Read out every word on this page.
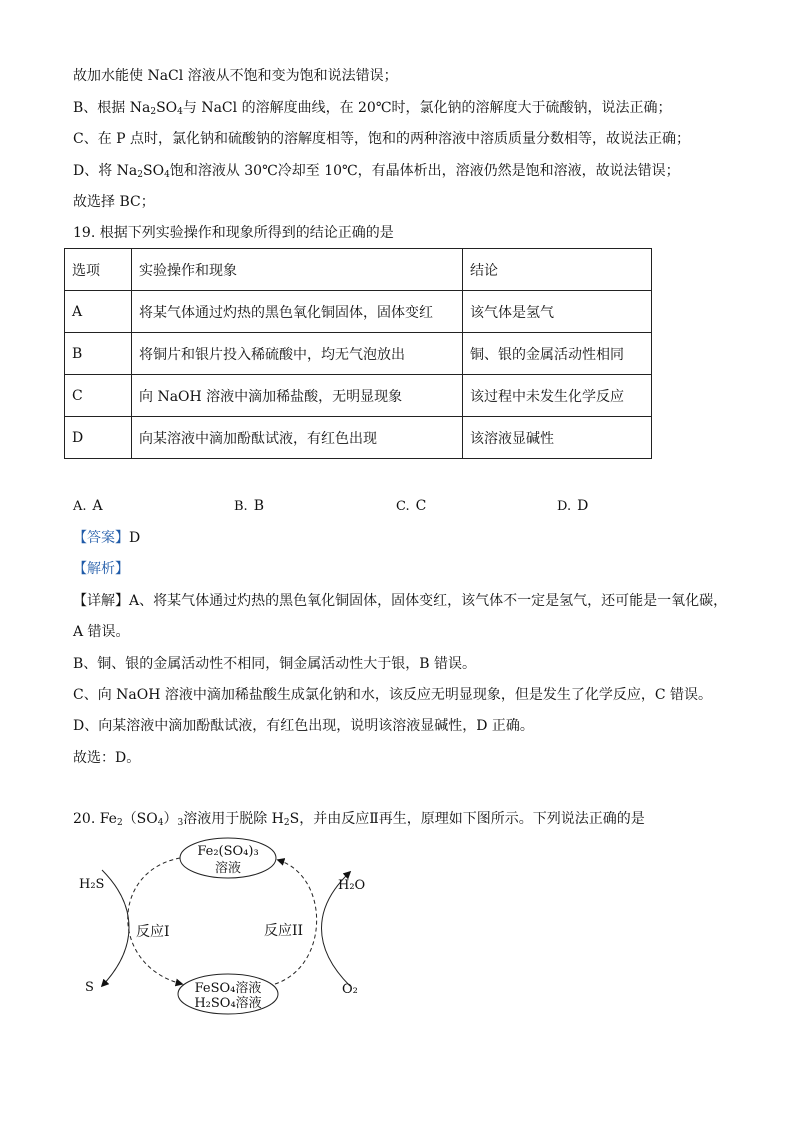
故加水能使 NaCl 溶液从不饱和变为饱和说法错误；
B、根据 $Na_2SO_4$与 NaCl 的溶解度曲线，在 20℃时，氯化钠的溶解度大于硫酸钠，说法正确；
C、在 P 点时，氯化钠和硫酸钠的溶解度相等，饱和的两种溶液中溶质质量分数相等，故说法正确；
D、将 $Na_2SO_4$饱和溶液从 30℃冷却至 10℃，有晶体析出，溶液仍然是饱和溶液，故说法错误；
故选择 BC；
19. 根据下列实验操作和现象所得到的结论正确的是
选项	实验操作和现象	结论
A	将某气体通过灼热的黑色氧化铜固体，固体变红	该气体是氢气
B	将铜片和银片投入稀硫酸中，均无气泡放出	铜、银的金属活动性相同
C	向 NaOH 溶液中滴加稀盐酸，无明显现象	该过程中未发生化学反应
D	向某溶液中滴加酚酞试液，有红色出现	该溶液显碱性
A. A	B. B	C. C	D. D
【答案】D
【解析】
【详解】A、将某气体通过灼热的黑色氧化铜固体，固体变红，该气体不一定是氢气，还可能是一氧化碳，
A 错误。
B、铜、银的金属活动性不相同，铜金属活动性大于银，B 错误。
C、向 NaOH 溶液中滴加稀盐酸生成氯化钠和水，该反应无明显现象，但是发生了化学反应，C 错误。
D、向某溶液中滴加酚酞试液，有红色出现，说明该溶液显碱性，D 正确。
故选：D。
20. $Fe_2(SO_4)_3$溶液用于脱除 $H_2S$，并由反应Ⅱ再生，原理如下图所示。下列说法正确的是
Fe₂(SO₄)₃
溶液
FeSO₄溶液
H₂SO₄溶液
反应I	反应II
H₂S
S	O₂
H₂O
